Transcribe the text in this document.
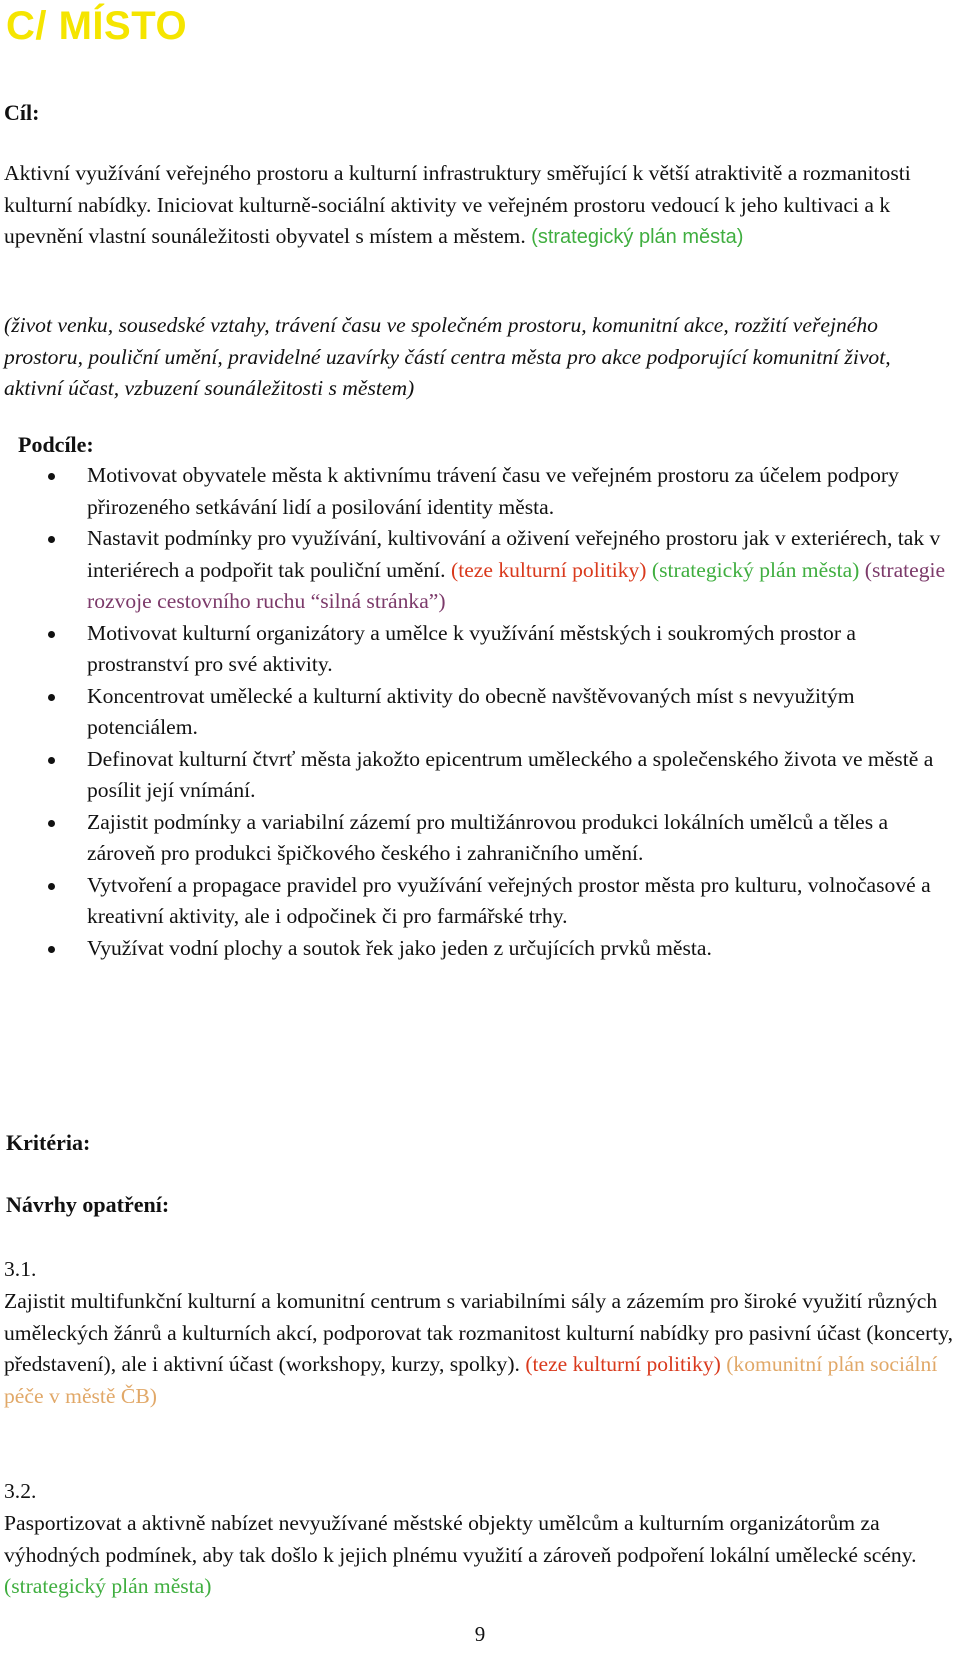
C/ MÍSTO
Cíl:

Aktivní využívání veřejného prostoru a kulturní infrastruktury směřující k větší atraktivitě a rozmanitosti kulturní nabídky. Iniciovat kulturně-sociální aktivity ve veřejném prostoru vedoucí k jeho kultivaci a k upevnění vlastní sounáležitosti obyvatel s místem a městem. (strategický plán města)

(život venku, sousedské vztahy, trávení času ve společném prostoru, komunitní akce, rozžití veřejného prostoru, pouliční umění, pravidelné uzavírky částí centra města pro akce podporující komunitní život, aktivní účast, vzbuzení sounáležitosti s městem)

Podcíle:
Motivovat obyvatele města k aktivnímu trávení času ve veřejném prostoru za účelem podpory přirozeného setkávání lidí a posilování identity města.
Nastavit podmínky pro využívání, kultivování a oživení veřejného prostoru jak v exteriérech, tak v interiérech a podpořit tak pouliční umění. (teze kulturní politiky) (strategický plán města) (strategie rozvoje cestovního ruchu “silná stránka”)
Motivovat kulturní organizátory a umělce k využívání městských i soukromých prostor a prostranství pro své aktivity.
Koncentrovat umělecké a kulturní aktivity do obecně navštěvovaných míst s nevyužitým potenciálem.
Definovat kulturní čtvrť města jakožto epicentrum uměleckého a společenského života ve městě a posílit její vnímání.
Zajistit podmínky a variabilní zázemí pro multižánrovou produkci lokálních umělců a těles a zároveň pro produkci špičkového českého i zahraničního umění.
Vytvoření a propagace pravidel pro využívání veřejných prostor města pro kulturu, volnočasové a kreativní aktivity, ale i odpočinek či pro farmářské trhy.
Využívat vodní plochy a soutok řek jako jeden z určujících prvků města.
Kritéria:
Návrhy opatření:

3.1.

Zajistit multifunkční kulturní a komunitní centrum s variabilními sály a zázemím pro široké využití různých uměleckých žánrů a kulturních akcí, podporovat tak rozmanitost kulturní nabídky pro pasivní účast (koncerty, představení), ale i aktivní účast (workshopy, kurzy, spolky). (teze kulturní politiky) (komunitní plán sociální péče v městě ČB)

3.2.

Pasportizovat a aktivně nabízet nevyužívané městské objekty umělcům a kulturním organizátorům za výhodných podmínek, aby tak došlo k jejich plnému využití a zároveň podpoření lokální umělecké scény. (strategický plán města)

9
